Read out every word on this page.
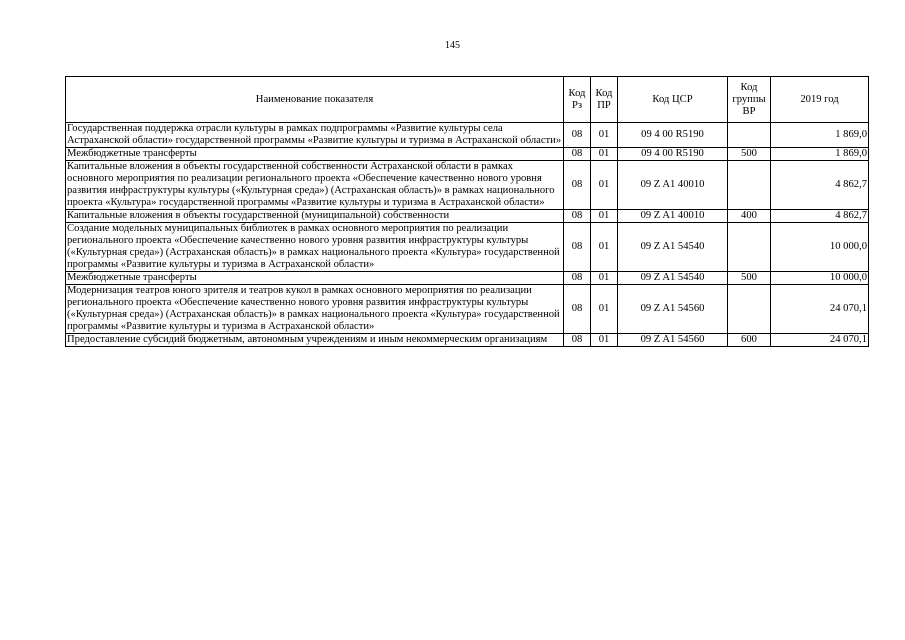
145
Наименование показателя	Код Рз	Код ПР	Код ЦСР	Код группы ВР	2019 год
Государственная поддержка отрасли культуры в рамках подпрограммы «Развитие культуры села Астраханской области» государственной программы «Развитие культуры и туризма в Астраханской области»	08	01	09 4 00 R5190		1 869,0
Межбюджетные трансферты	08	01	09 4 00 R5190	500	1 869,0
Капитальные вложения в объекты государственной собственности Астраханской области в рамках основного мероприятия по реализации регионального проекта «Обеспечение качественно нового уровня развития инфраструктуры культуры («Культурная среда») (Астраханская область)» в рамках национального проекта «Культура» государственной программы «Развитие культуры и туризма в Астраханской области»	08	01	09 Z A1 40010		4 862,7
Капитальные вложения в объекты государственной (муниципальной) собственности	08	01	09 Z A1 40010	400	4 862,7
Создание модельных муниципальных библиотек в рамках основного мероприятия по реализации регионального проекта «Обеспечение качественно нового уровня развития инфраструктуры культуры («Культурная среда») (Астраханская область)» в рамках национального проекта «Культура» государственной программы «Развитие культуры и туризма в Астраханской области»	08	01	09 Z A1 54540		10 000,0
Межбюджетные трансферты	08	01	09 Z A1 54540	500	10 000,0
Модернизация театров юного зрителя и театров кукол в рамках основного мероприятия по реализации регионального проекта «Обеспечение качественно нового уровня развития инфраструктуры культуры («Культурная среда») (Астраханская область)» в рамках национального проекта «Культура» государственной программы «Развитие культуры и туризма в Астраханской области»	08	01	09 Z A1 54560		24 070,1
Предоставление субсидий бюджетным, автономным учреждениям и иным некоммерческим организациям	08	01	09 Z A1 54560	600	24 070,1
